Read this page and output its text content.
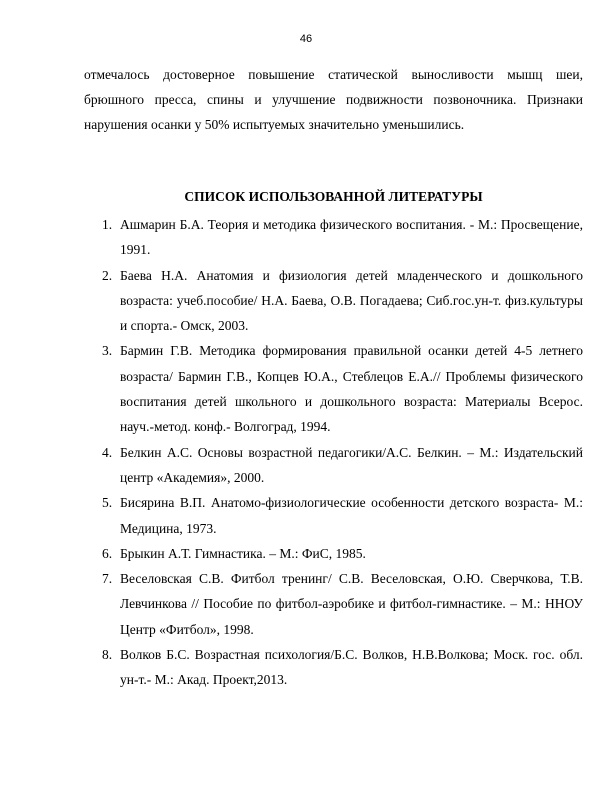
46

отмечалось достоверное повышение статической выносливости мышц шеи, брюшного пресса, спины и улучшение подвижности позвоночника. Признаки нарушения осанки у 50% испытуемых значительно уменьшились.

СПИСОК ИСПОЛЬЗОВАННОЙ ЛИТЕРАТУРЫ
1. Ашмарин Б.А. Теория и методика физического воспитания. - М.: Просвещение, 1991.
2. Баева Н.А. Анатомия и физиология детей младенческого и дошкольного возраста: учеб.пособие/ Н.А. Баева, О.В. Погадаева; Сиб.гос.ун-т. физ.культуры и спорта.- Омск, 2003.
3. Бармин Г.В. Методика формирования правильной осанки детей 4-5 летнего возраста/ Бармин Г.В., Копцев Ю.А., Стеблецов Е.А.// Проблемы физического воспитания детей школьного и дошкольного возраста: Материалы Всерос. науч.-метод. конф.- Волгоград, 1994.
4. Белкин А.С. Основы возрастной педагогики/А.С. Белкин. – М.: Издательский центр «Академия», 2000.
5. Бисярина В.П. Анатомо-физиологические особенности детского возраста- М.: Медицина, 1973.
6. Брыкин А.Т. Гимнастика. – М.: ФиС, 1985.
7. Веселовская С.В. Фитбол тренинг/ С.В. Веселовская, О.Ю. Сверчкова, Т.В. Левчинкова // Пособие по фитбол-аэробике и фитбол-гимнастике. – М.: ННОУ Центр «Фитбол», 1998.
8. Волков Б.С. Возрастная психология/Б.С. Волков, Н.В.Волкова; Моск. гос. обл. ун-т.- М.: Акад. Проект,2013.
